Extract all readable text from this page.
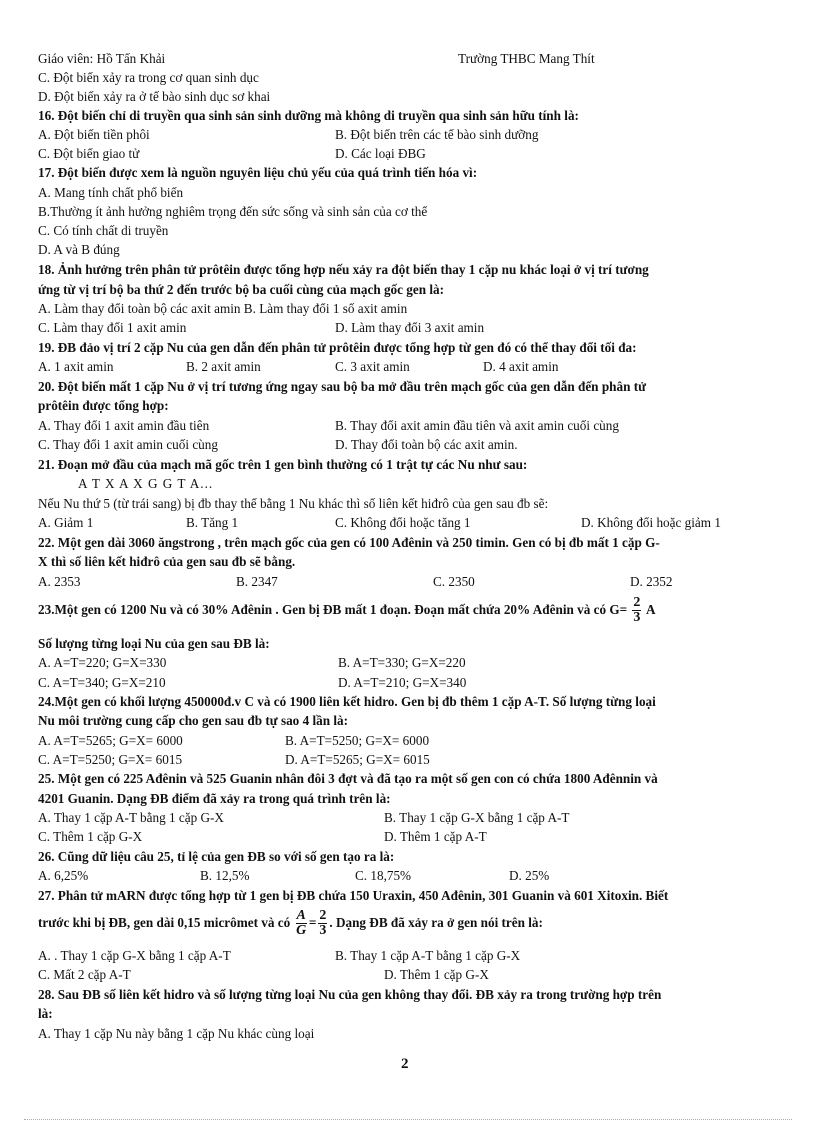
Giáo viên: Hồ Tấn Khải	Trường THBC Mang Thít
C. Đột biến xảy ra trong cơ quan sinh dục
D. Đột biến xảy ra ở tế bào sinh dục sơ khai
16. Đột biến chỉ di truyền qua sinh sản sinh dưỡng mà không di truyền qua sinh sản hữu tính là:
A. Đột biến tiền phôi	B. Đột biến trên các tế bào sinh dưỡng
C. Đột biến giao tử	D. Các loại ĐBG
17. Đột biến được xem là nguồn nguyên liệu chủ yếu của quá trình tiến hóa vì:
A. Mang tính chất phổ biến
B.Thường ít ảnh hưởng nghiêm trọng đến sức sống và sinh sản của cơ thể
C. Có tính chất di truyền
D. A và B đúng
18. Ảnh hưởng trên phân tử prôtêin được tổng hợp nếu xảy ra đột biến thay 1 cặp nu khác loại ở vị trí tương
ứng từ vị trí bộ ba thứ 2 đến trước bộ ba cuối cùng của mạch gốc gen là:
A. Làm thay đổi toàn bộ các axit amin B. Làm thay đổi 1 số axit amin
C. Làm thay đổi 1 axit amin	D. Làm thay đổi 3 axit amin
19. ĐB đảo vị trí 2 cặp Nu của gen dẫn đến phân tử prôtêin được tổng hợp từ gen đó có thể thay đổi tối đa:
A. 1 axit amin	B. 2 axit amin	C. 3 axit amin	D. 4 axit amin
20. Đột biến mất 1 cặp Nu ở vị trí tương ứng ngay sau bộ ba mở đầu trên mạch gốc của gen dẫn đến phân tử
prôtêin được tổng hợp:
A. Thay đổi 1 axit amin đầu tiên	B. Thay đổi axit amin đầu tiên và axit amin cuối cùng
C. Thay đổi 1 axit amin cuối cùng	D. Thay đổi toàn bộ các axit amin.
21. Đoạn mở đầu của mạch mã gốc trên 1 gen bình thường có 1 trật tự các Nu như sau:
A T X A X G G T A...
Nếu Nu thứ 5 (từ trái sang) bị đb thay thế bằng 1 Nu khác thì số liên kết hiđrô của gen sau đb sẽ:
A. Giảm 1	B. Tăng 1	C. Không đổi hoặc tăng 1	D. Không đổi hoặc giảm 1
22. Một gen dài 3060 ăngstrong , trên mạch gốc của gen có 100 Ađênin và 250 timin. Gen có bị đb mất 1 cặp G-
X thì số liên kết hiđrô của gen sau đb sẽ bằng.
A. 2353	B. 2347	C. 2350	D. 2352
23.Một gen có 1200 Nu và có 30% Ađênin . Gen bị ĐB mất 1 đoạn. Đoạn mất chứa 20% Ađênin và có $G= \frac{2}{3}$ A
Số lượng từng loại Nu của gen sau ĐB là:
A. A=T=220; G=X=330	B. A=T=330; G=X=220
C. A=T=340; G=X=210	D. A=T=210; G=X=340
24.Một gen có khối lượng 450000đ.v C và có 1900 liên kết hidro. Gen bị đb thêm 1 cặp A-T. Số lượng từng loại
Nu môi trường cung cấp cho gen sau đb tự sao 4 lần là:
A. A=T=5265; G=X= 6000	B. A=T=5250; G=X= 6000
C. A=T=5250; G=X= 6015	D. A=T=5265; G=X= 6015
25. Một gen có 225 Ađênin và 525 Guanin nhân đôi 3 đợt và đã tạo ra một số gen con có chứa 1800 Ađênnin và
4201 Guanin. Dạng ĐB điểm đã xảy ra trong quá trình trên là:
A. Thay 1 cặp A-T bằng 1 cặp G-X	B. Thay 1 cặp G-X bằng 1 cặp A-T
C. Thêm 1 cặp G-X	D. Thêm 1 cặp A-T
26. Cũng dữ liệu câu 25, tỉ lệ của gen ĐB so với số gen tạo ra là:
A. 6,25%	B. 12,5%	C. 18,75%	D. 25%
27. Phân tử mARN được tổng hợp từ 1 gen bị ĐB chứa 150 Uraxin, 450 Ađênin, 301 Guanin và 601 Xitoxin. Biết
trước khi bị ĐB, gen dài 0,15 micrômet và có $\frac{A}{G} = \frac{2}{3}$ . Dạng ĐB đã xảy ra ở gen nói trên là:
A. . Thay 1 cặp G-X bằng 1 cặp A-T	B. Thay 1 cặp A-T bằng 1 cặp G-X
C. Mất 2 cặp A-T	D. Thêm 1 cặp G-X
28. Sau ĐB số liên kết hidro và số lượng từng loại Nu của gen không thay đổi. ĐB xảy ra trong trường hợp trên
là:
A. Thay 1 cặp Nu này bằng 1 cặp Nu khác cùng loại
2
